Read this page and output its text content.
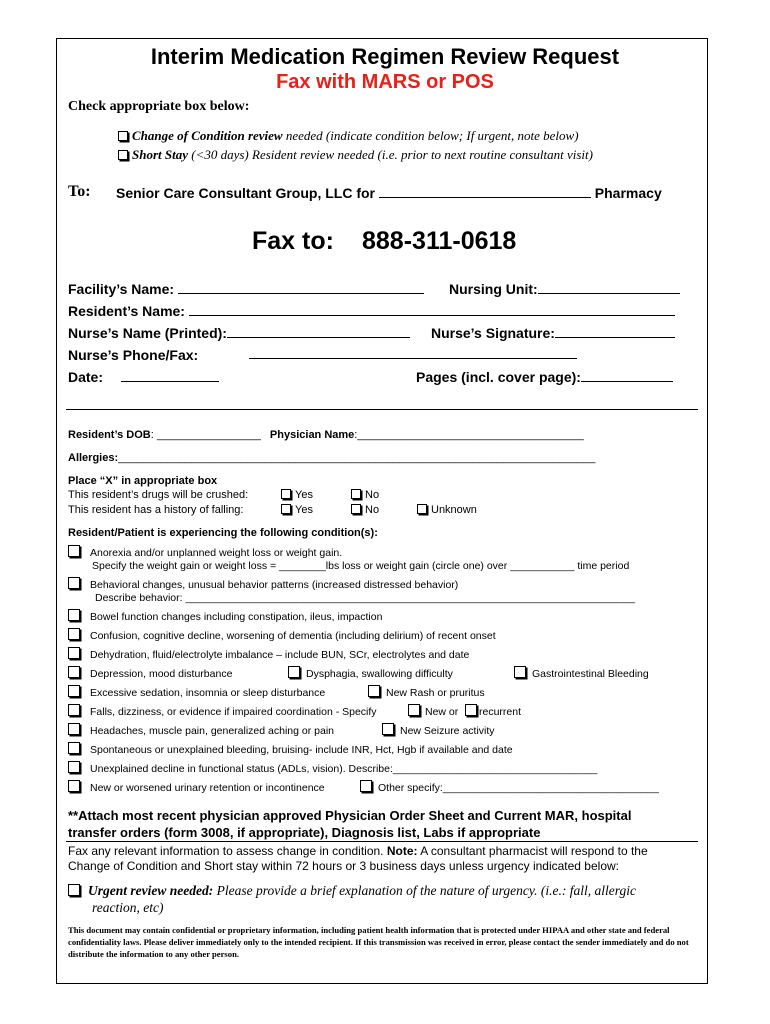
Interim Medication Regimen Review Request
Fax with MARS or POS
Check appropriate box below:
Change of Condition review needed (indicate condition below; If urgent, note below)
Short Stay (<30 days) Resident review needed (i.e. prior to next routine consultant visit)
To: Senior Care Consultant Group, LLC for	Pharmacy
Fax to: 888-311-0618
Facility’s Name:	Nursing Unit:
Resident’s Name:
Nurse’s Name (Printed):	Nurse’s Signature:
Nurse’s Phone/Fax:
Date:	Pages (incl. cover page):
Resident’s DOB: _________________ Physician Name:_____________________________________
Allergies:______________________________________________________________________________
Place “X” in appropriate box
This resident’s drugs will be crushed:	Yes	No
This resident has a history of falling:	Yes	No	Unknown
Resident/Patient is experiencing the following condition(s):
Anorexia and/or unplanned weight loss or weight gain.
Specify the weight gain or weight loss = ________lbs loss or weight gain (circle one) over ___________ time period
Behavioral changes, unusual behavior patterns (increased distressed behavior)
Describe behavior: _____________________________________________________________________________
Bowel function changes including constipation, ileus, impaction
Confusion, cognitive decline, worsening of dementia (including delirium) of recent onset
Dehydration, fluid/electrolyte imbalance – include BUN, SCr, electrolytes and date
Depression, mood disturbance	Dysphagia, swallowing difficulty	Gastrointestinal Bleeding
Excessive sedation, insomnia or sleep disturbance	New Rash or pruritus
Falls, dizziness, or evidence if impaired coordination - Specify	New or	recurrent
Headaches, muscle pain, generalized aching or pain	New Seizure activity
Spontaneous or unexplained bleeding, bruising- include INR, Hct, Hgb if available and date
Unexplained decline in functional status (ADLs, vision). Describe:___________________________________
New or worsened urinary retention or incontinence	Other specify:_____________________________________
**Attach most recent physician approved Physician Order Sheet and Current MAR, hospital
transfer orders (form 3008, if appropriate), Diagnosis list, Labs if appropriate
Fax any relevant information to assess change in condition. Note: A consultant pharmacist will respond to the
Change of Condition and Short stay within 72 hours or 3 business days unless urgency indicated below:
Urgent review needed: Please provide a brief explanation of the nature of urgency. (i.e.: fall, allergic
reaction, etc)
This document may contain confidential or proprietary information, including patient health information that is protected under HIPAA and other state and federal confidentiality laws. Please deliver immediately only to the intended recipient. If this transmission was received in error, please contact the sender immediately and do not distribute the information to any other person.
